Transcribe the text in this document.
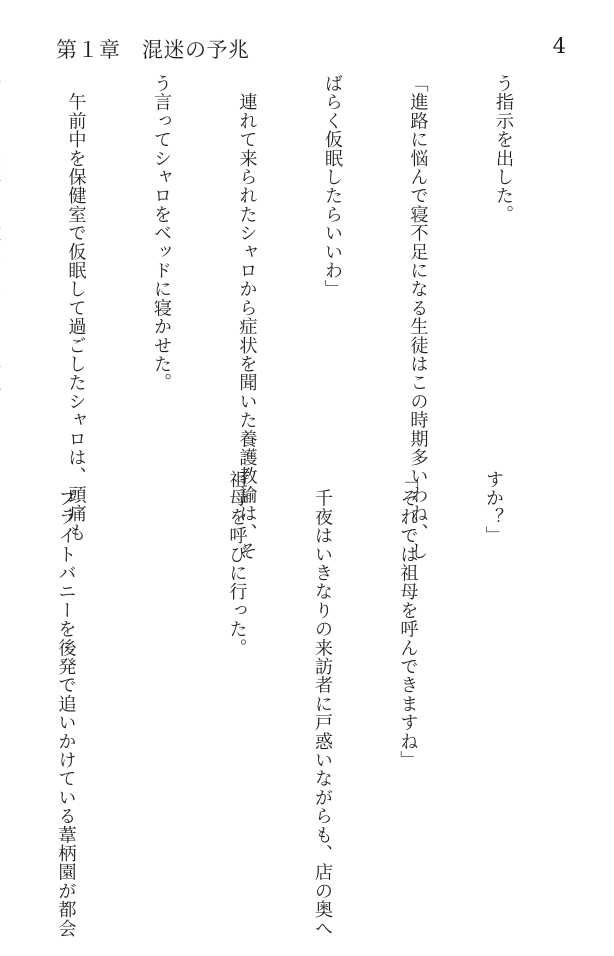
第１章　混迷の予兆	4

う指示を出した。

「進路に悩んで寝不足になる生徒はこの時期多いわね、し

ばらく仮眠したらいいわ」

　連れて来られたシャロから症状を聞いた養護教諭は、そ

う言ってシャロをベッドに寝かせた。

　午前中を保健室で仮眠して過ごしたシャロは、頭痛も

	すか？」

「それでは祖母を呼んできますね」

　千夜はいきなりの来訪者に戸惑いながらも、店の奥へ

祖母を呼びに行った。

　ブライトバニーを後発で追いかけている葦柄園が都会
